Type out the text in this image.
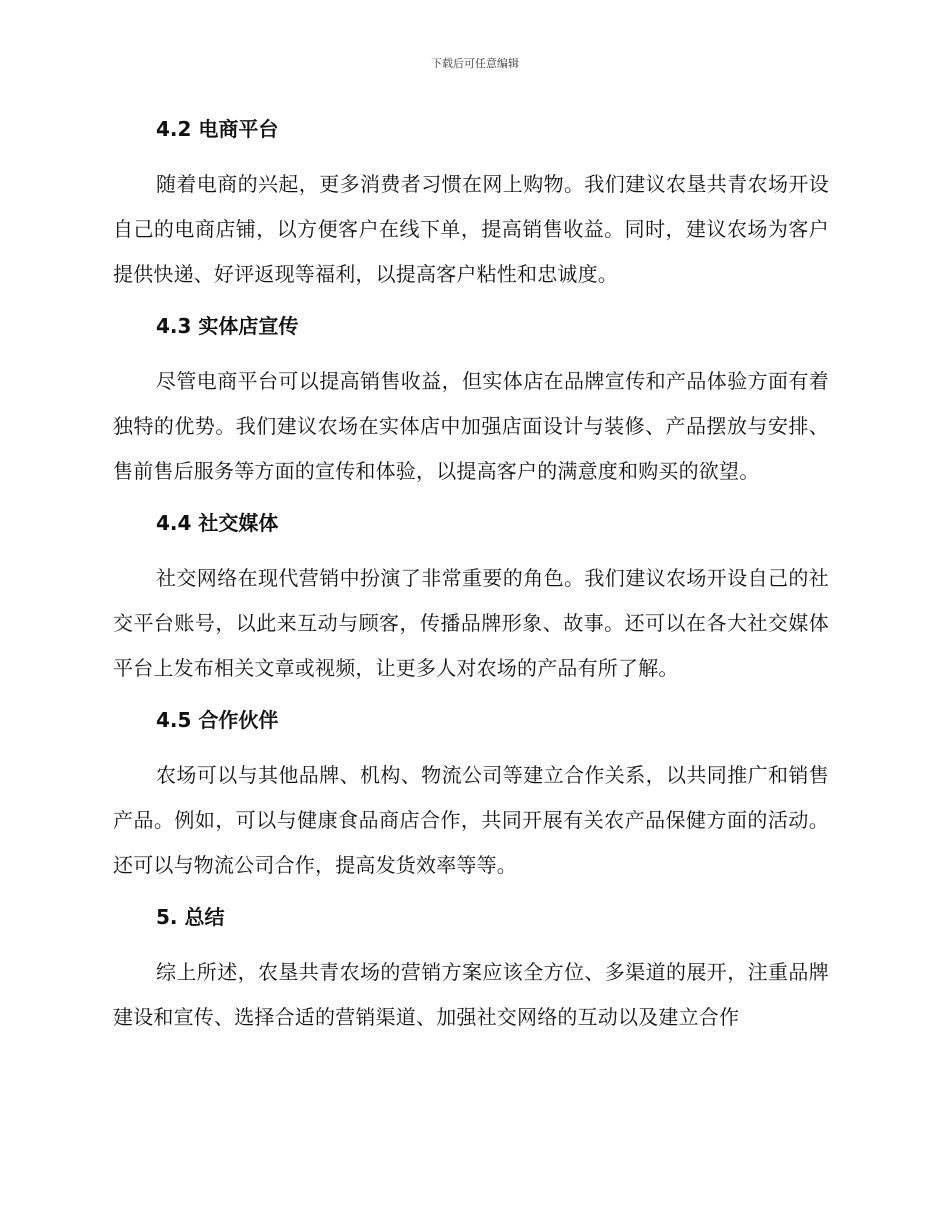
下载后可任意编辑
4.2 电商平台

随着电商的兴起，更多消费者习惯在网上购物。我们建议农垦共青农场开设自己的电商店铺，以方便客户在线下单，提高销售收益。同时，建议农场为客户提供快递、好评返现等福利，以提高客户粘性和忠诚度。

4.3 实体店宣传

尽管电商平台可以提高销售收益，但实体店在品牌宣传和产品体验方面有着独特的优势。我们建议农场在实体店中加强店面设计与装修、产品摆放与安排、售前售后服务等方面的宣传和体验，以提高客户的满意度和购买的欲望。

4.4 社交媒体

社交网络在现代营销中扮演了非常重要的角色。我们建议农场开设自己的社交平台账号，以此来互动与顾客，传播品牌形象、故事。还可以在各大社交媒体平台上发布相关文章或视频，让更多人对农场的产品有所了解。

4.5 合作伙伴

农场可以与其他品牌、机构、物流公司等建立合作关系，以共同推广和销售产品。例如，可以与健康食品商店合作，共同开展有关农产品保健方面的活动。还可以与物流公司合作，提高发货效率等等。

5. 总结

综上所述，农垦共青农场的营销方案应该全方位、多渠道的展开，注重品牌建设和宣传、选择合适的营销渠道、加强社交网络的互动以及建立合作
